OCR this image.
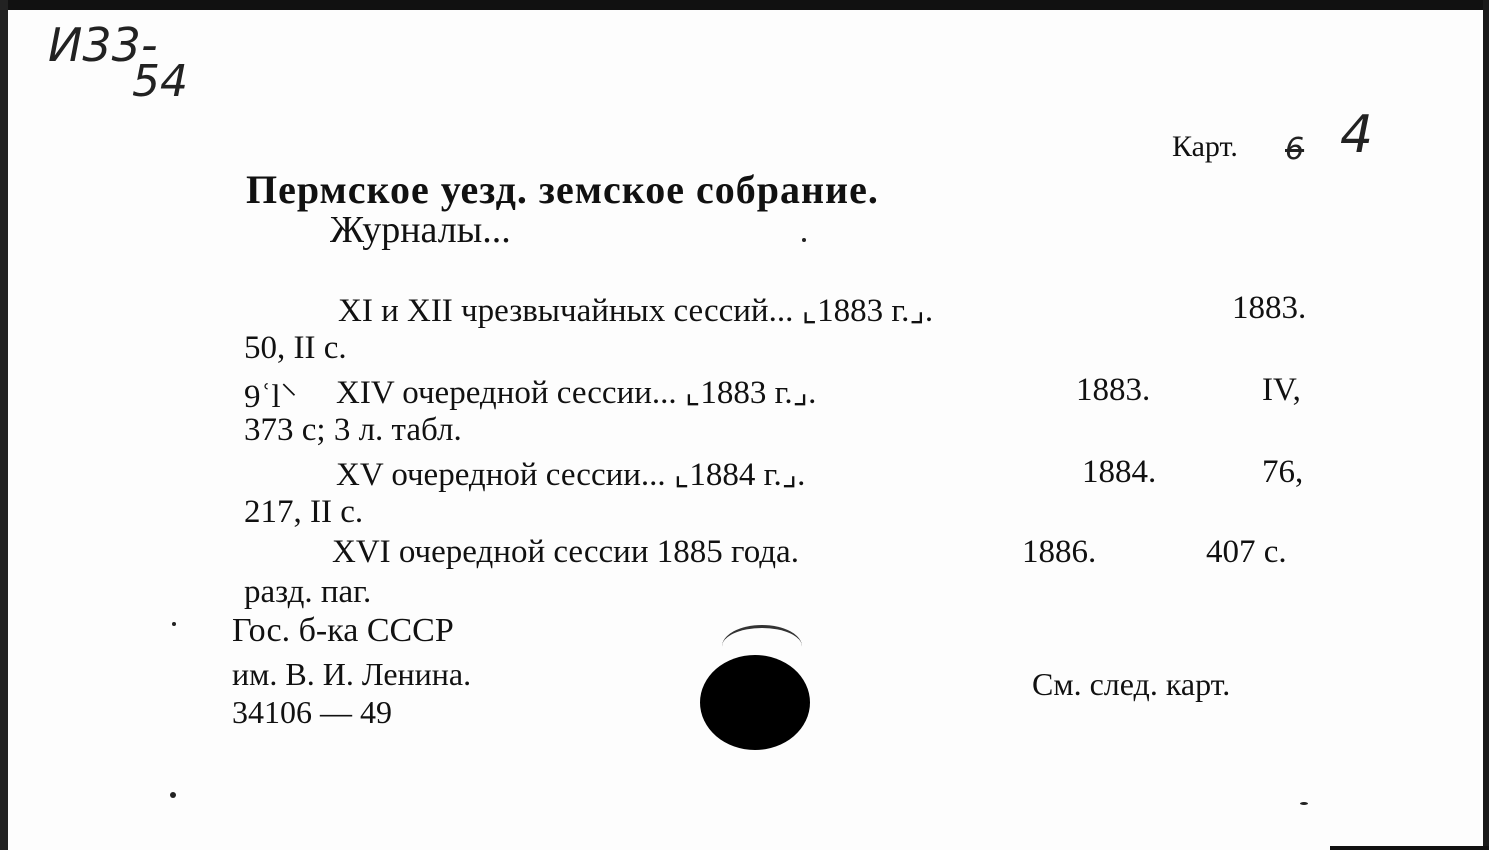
И33-
54
Карт. 6 4
Пермское уезд. земское собрание.
Журналы...
XI и XII чрезвычайных сессий... ⌞1883 г.⌟.	1883.
50, II с.
9ʿl⸌ XIV очередной сессии... ⌞1883 г.⌟.	1883.	IV,
373 с; 3 л. табл.
XV очередной сессии... ⌞1884 г.⌟.	1884.	76,
217, II с.
XVI очередной сессии 1885 года.	1886.	407 с.
разд. паг.
Гос. б-ка СССР
им. В. И. Ленина.
34106 — 49
См. след. карт.
